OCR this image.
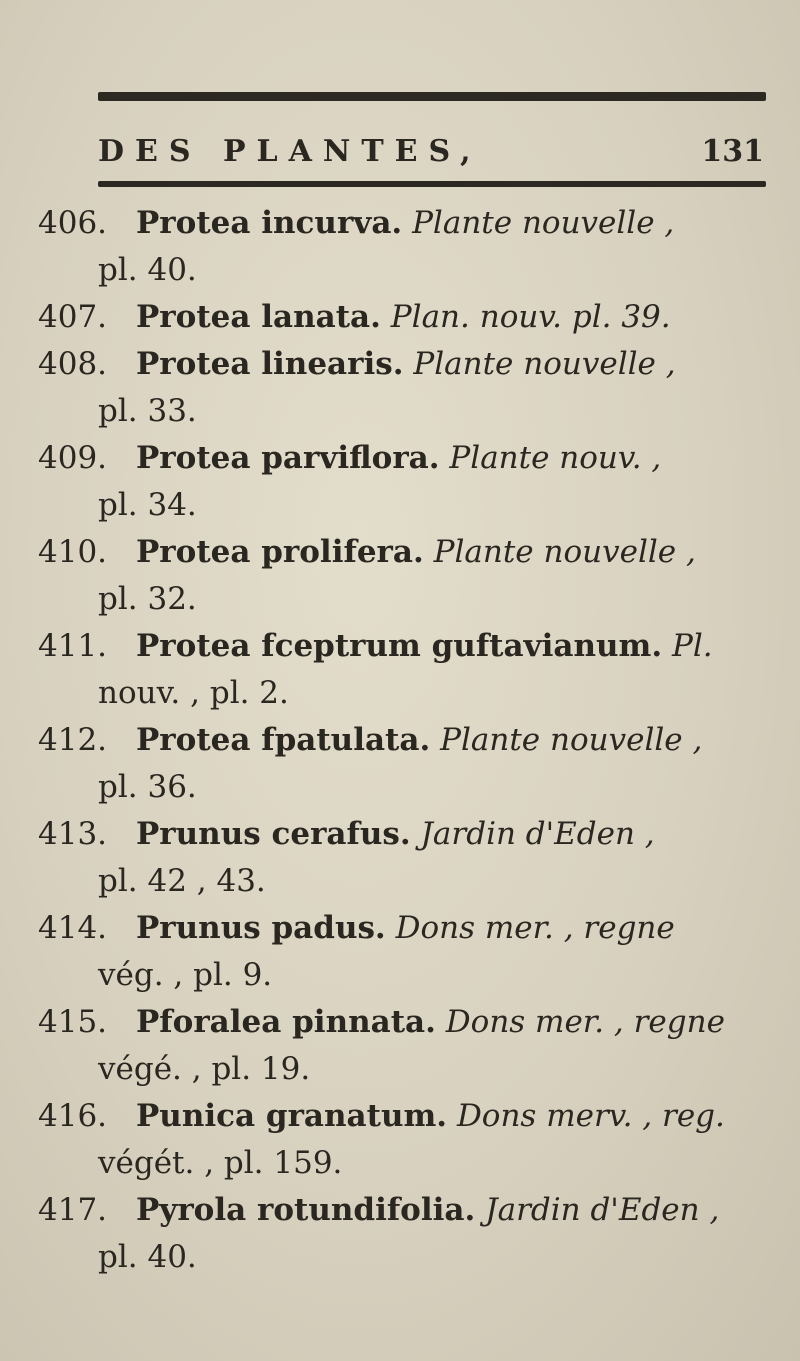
DES PLANTES,	131
406. Protea incurva. Plante nouvelle ,
pl. 40.
407. Protea lanata. Plan. nouv. pl. 39.
408. Protea linearis. Plante nouvelle ,
pl. 33.
409. Protea parviflora. Plante nouv. ,
pl. 34.
410. Protea prolifera. Plante nouvelle ,
pl. 32.
411. Protea fceptrum guftavianum. Pl.
nouv. , pl. 2.
412. Protea fpatulata. Plante nouvelle ,
pl. 36.
413. Prunus cerafus. Jardin d'Eden ,
pl. 42 , 43.
414. Prunus padus. Dons mer. , regne
vég. , pl. 9.
415. Pforalea pinnata. Dons mer. , regne
végé. , pl. 19.
416. Punica granatum. Dons merv. , reg.
végét. , pl. 159.
417. Pyrola rotundifolia. Jardin d'Eden ,
pl. 40.
